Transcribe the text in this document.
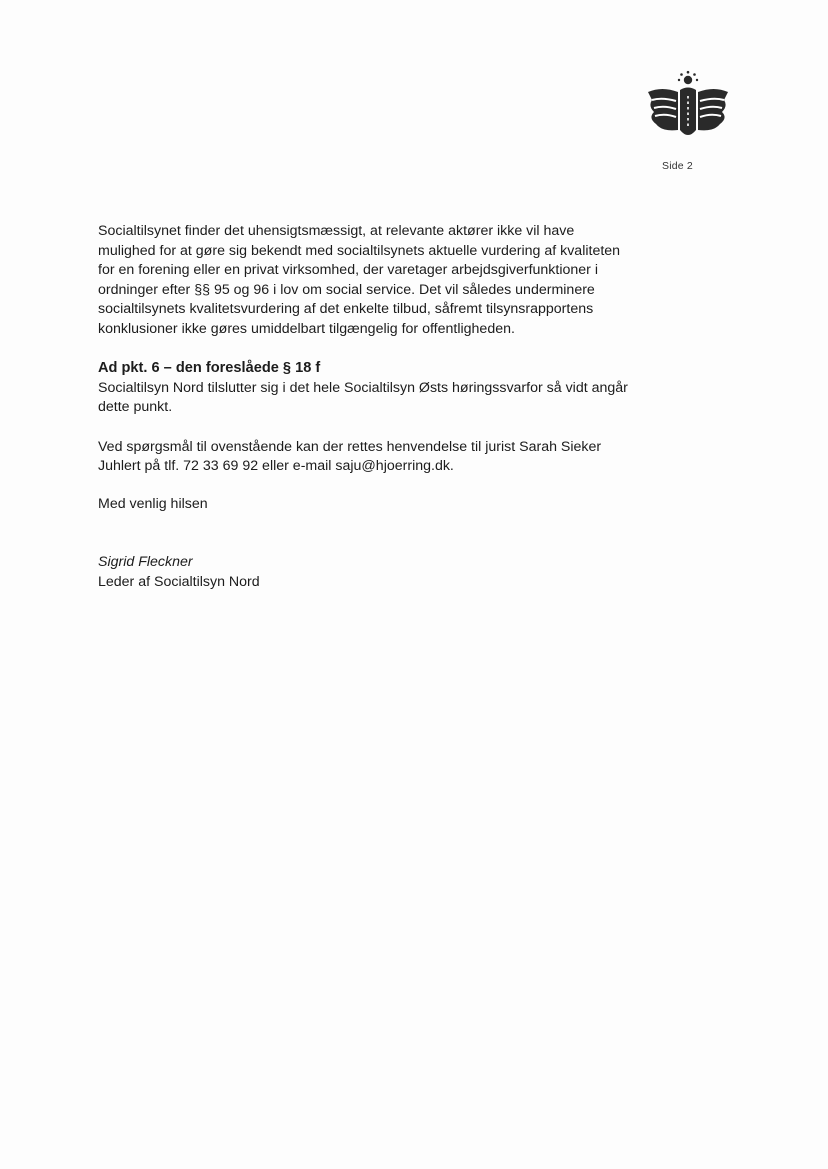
Side 2

Socialtilsynet finder det uhensigtsmæssigt, at relevante aktører ikke vil have
mulighed for at gøre sig bekendt med socialtilsynets aktuelle vurdering af kvaliteten
for en forening eller en privat virksomhed, der varetager arbejdsgiverfunktioner i
ordninger efter §§ 95 og 96 i lov om social service. Det vil således underminere
socialtilsynets kvalitetsvurdering af det enkelte tilbud, såfremt tilsynsrapportens
konklusioner ikke gøres umiddelbart tilgængelig for offentligheden.

Ad pkt. 6 – den foreslåede § 18 f
Socialtilsyn Nord tilslutter sig i det hele Socialtilsyn Østs høringssvarfor så vidt angår
dette punkt.

Ved spørgsmål til ovenstående kan der rettes henvendelse til jurist Sarah Sieker
Juhlert på tlf. 72 33 69 92 eller e-mail saju@hjoerring.dk.

Med venlig hilsen
Sigrid Fleckner
Leder af Socialtilsyn Nord
